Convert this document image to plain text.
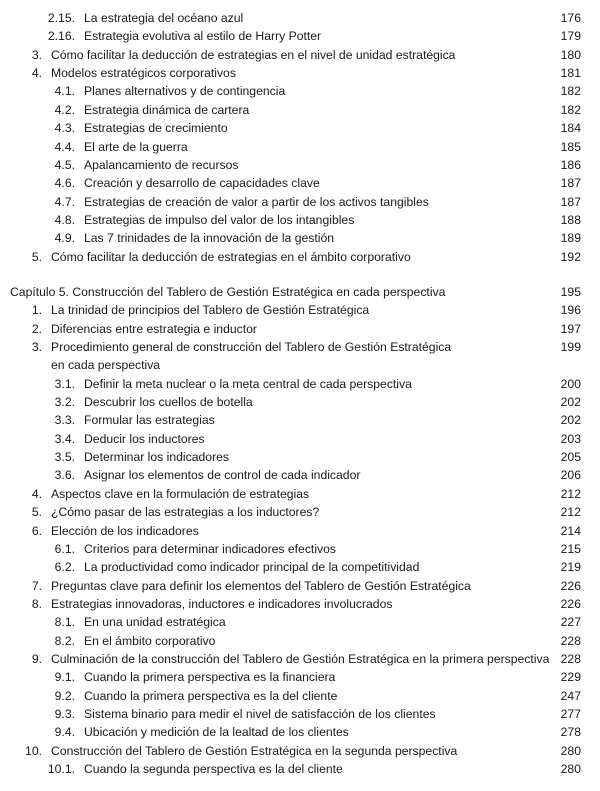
2.15. La estrategia del océano azul	176
2.16. Estrategia evolutiva al estilo de Harry Potter	179
3. Cómo facilitar la deducción de estrategias en el nivel de unidad estratégica	180
4. Modelos estratégicos corporativos	181
4.1. Planes alternativos y de contingencia	182
4.2. Estrategia dinámica de cartera	182
4.3. Estrategias de crecimiento	184
4.4. El arte de la guerra	185
4.5. Apalancamiento de recursos	186
4.6. Creación y desarrollo de capacidades clave	187
4.7. Estrategias de creación de valor a partir de los activos tangibles	187
4.8. Estrategias de impulso del valor de los intangibles	188
4.9. Las 7 trinidades de la innovación de la gestión	189
5. Cómo facilitar la deducción de estrategias en el ámbito corporativo	192
Capítulo 5. Construcción del Tablero de Gestión Estratégica en cada perspectiva	195
1. La trinidad de principios del Tablero de Gestión Estratégica	196
2. Diferencias entre estrategia e inductor	197
3. Procedimiento general de construcción del Tablero de Gestión Estratégica	199
en cada perspectiva
3.1. Definir la meta nuclear o la meta central de cada perspectiva	200
3.2. Descubrir los cuellos de botella	202
3.3. Formular las estrategias	202
3.4. Deducir los inductores	203
3.5. Determinar los indicadores	205
3.6. Asignar los elementos de control de cada indicador	206
4. Aspectos clave en la formulación de estrategias	212
5. ¿Cómo pasar de las estrategias a los inductores?	212
6. Elección de los indicadores	214
6.1. Criterios para determinar indicadores efectivos	215
6.2. La productividad como indicador principal de la competitividad	219
7. Preguntas clave para definir los elementos del Tablero de Gestión Estratégica	226
8. Estrategias innovadoras, inductores e indicadores involucrados	226
8.1. En una unidad estratégica	227
8.2. En el ámbito corporativo	228
9. Culminación de la construcción del Tablero de Gestión Estratégica en la primera perspectiva 228
9.1. Cuando la primera perspectiva es la financiera	229
9.2. Cuando la primera perspectiva es la del cliente	247
9.3. Sistema binario para medir el nivel de satisfacción de los clientes	277
9.4. Ubicación y medición de la lealtad de los clientes	278
10. Construcción del Tablero de Gestión Estratégica en la segunda perspectiva	280
10.1. Cuando la segunda perspectiva es la del cliente	280
